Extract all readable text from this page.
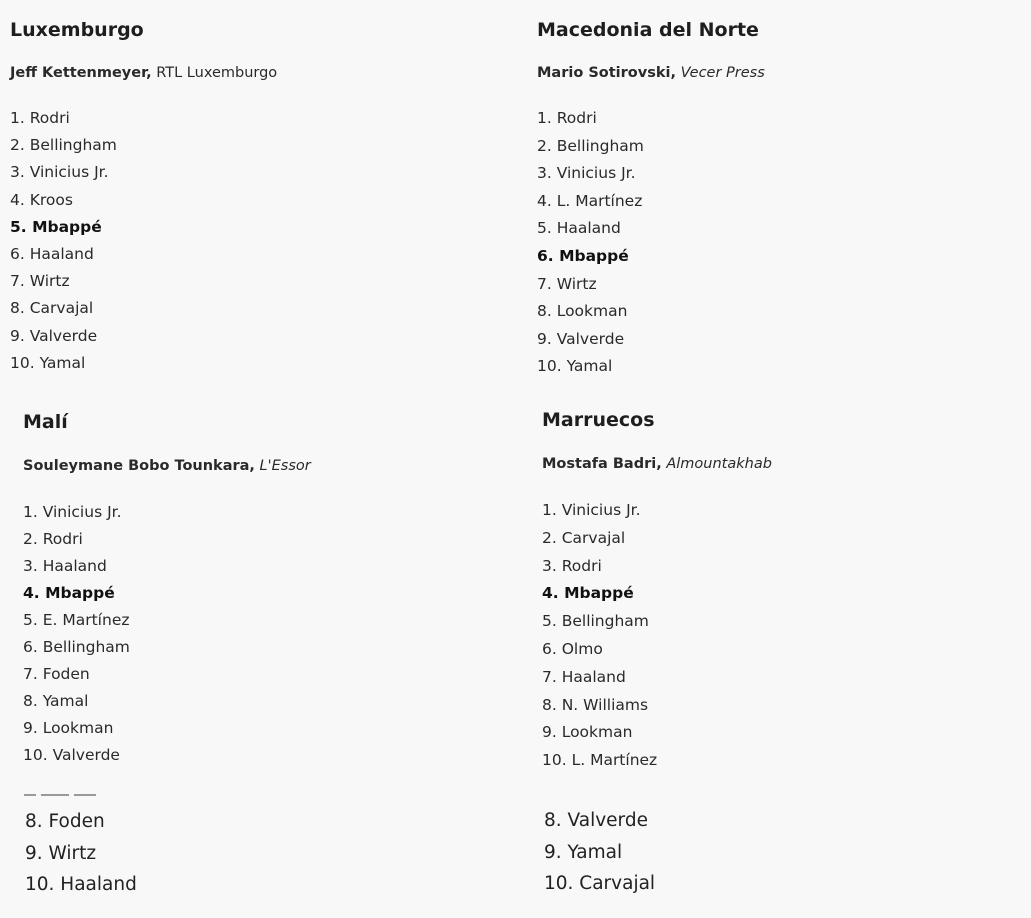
Luxemburgo
Jeff Kettenmeyer, RTL Luxemburgo
1. Rodri
2. Bellingham
3. Vinicius Jr.
4. Kroos
5. Mbappé
6. Haaland
7. Wirtz
8. Carvajal
9. Valverde
10. Yamal
Macedonia del Norte
Mario Sotirovski, Vecer Press
1. Rodri
2. Bellingham
3. Vinicius Jr.
4. L. Martínez
5. Haaland
6. Mbappé
7. Wirtz
8. Lookman
9. Valverde
10. Yamal
Malí
Souleymane Bobo Tounkara, L'Essor
1. Vinicius Jr.
2. Rodri
3. Haaland
4. Mbappé
5. E. Martínez
6. Bellingham
7. Foden
8. Yamal
9. Lookman
10. Valverde
Marruecos
Mostafa Badri, Almountakhab
1. Vinicius Jr.
2. Carvajal
3. Rodri
4. Mbappé
5. Bellingham
6. Olmo
7. Haaland
8. N. Williams
9. Lookman
10. L. Martínez
8. Foden
9. Wirtz
10. Haaland
8. Valverde
9. Yamal
10. Carvajal
